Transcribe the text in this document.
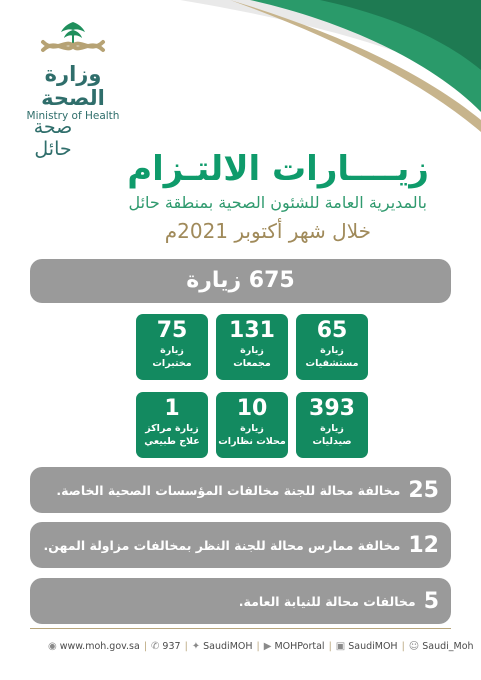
وزارة الصحة
Ministry of Health
صحة حائل	زيــــارات الالتـزام
بالمديرية العامة للشئون الصحية بمنطقة حائل
خلال شهر أكتوبر 2021م
675 زيارة
65
زيارة
مستشفيات
131
زيارة
مجمعات
75
زيارة
مختبرات
393
زيارة
صيدليات
10
زيارة
محلات نظارات
1
زيارة مراكز
علاج طبيعي
25
مخالفة محالة للجنة مخالفات المؤسسات الصحية الخاصة.
12
مخالفة ممارس محالة للجنة النظر بمخالفات مزاولة المهن.
5
مخالفات محالة للنيابة العامة.
◉ www.moh.gov.sa | ✆ 937 | ✦ SaudiMOH | ▶ MOHPortal | ▣ SaudiMOH | ☺ Saudi_Moh
